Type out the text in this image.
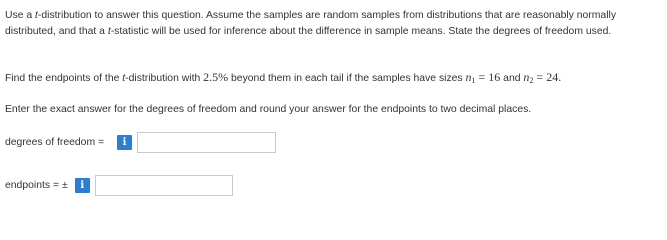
Use a t-distribution to answer this question. Assume the samples are random samples from distributions that are reasonably normally distributed, and that a t-statistic will be used for inference about the difference in sample means. State the degrees of freedom used.

Find the endpoints of the t-distribution with 2.5% beyond them in each tail if the samples have sizes $n_1 = 16$ and $n_2 = 24$.

Enter the exact answer for the degrees of freedom and round your answer for the endpoints to two decimal places.

degrees of freedom =	i
endpoints = ±	i
